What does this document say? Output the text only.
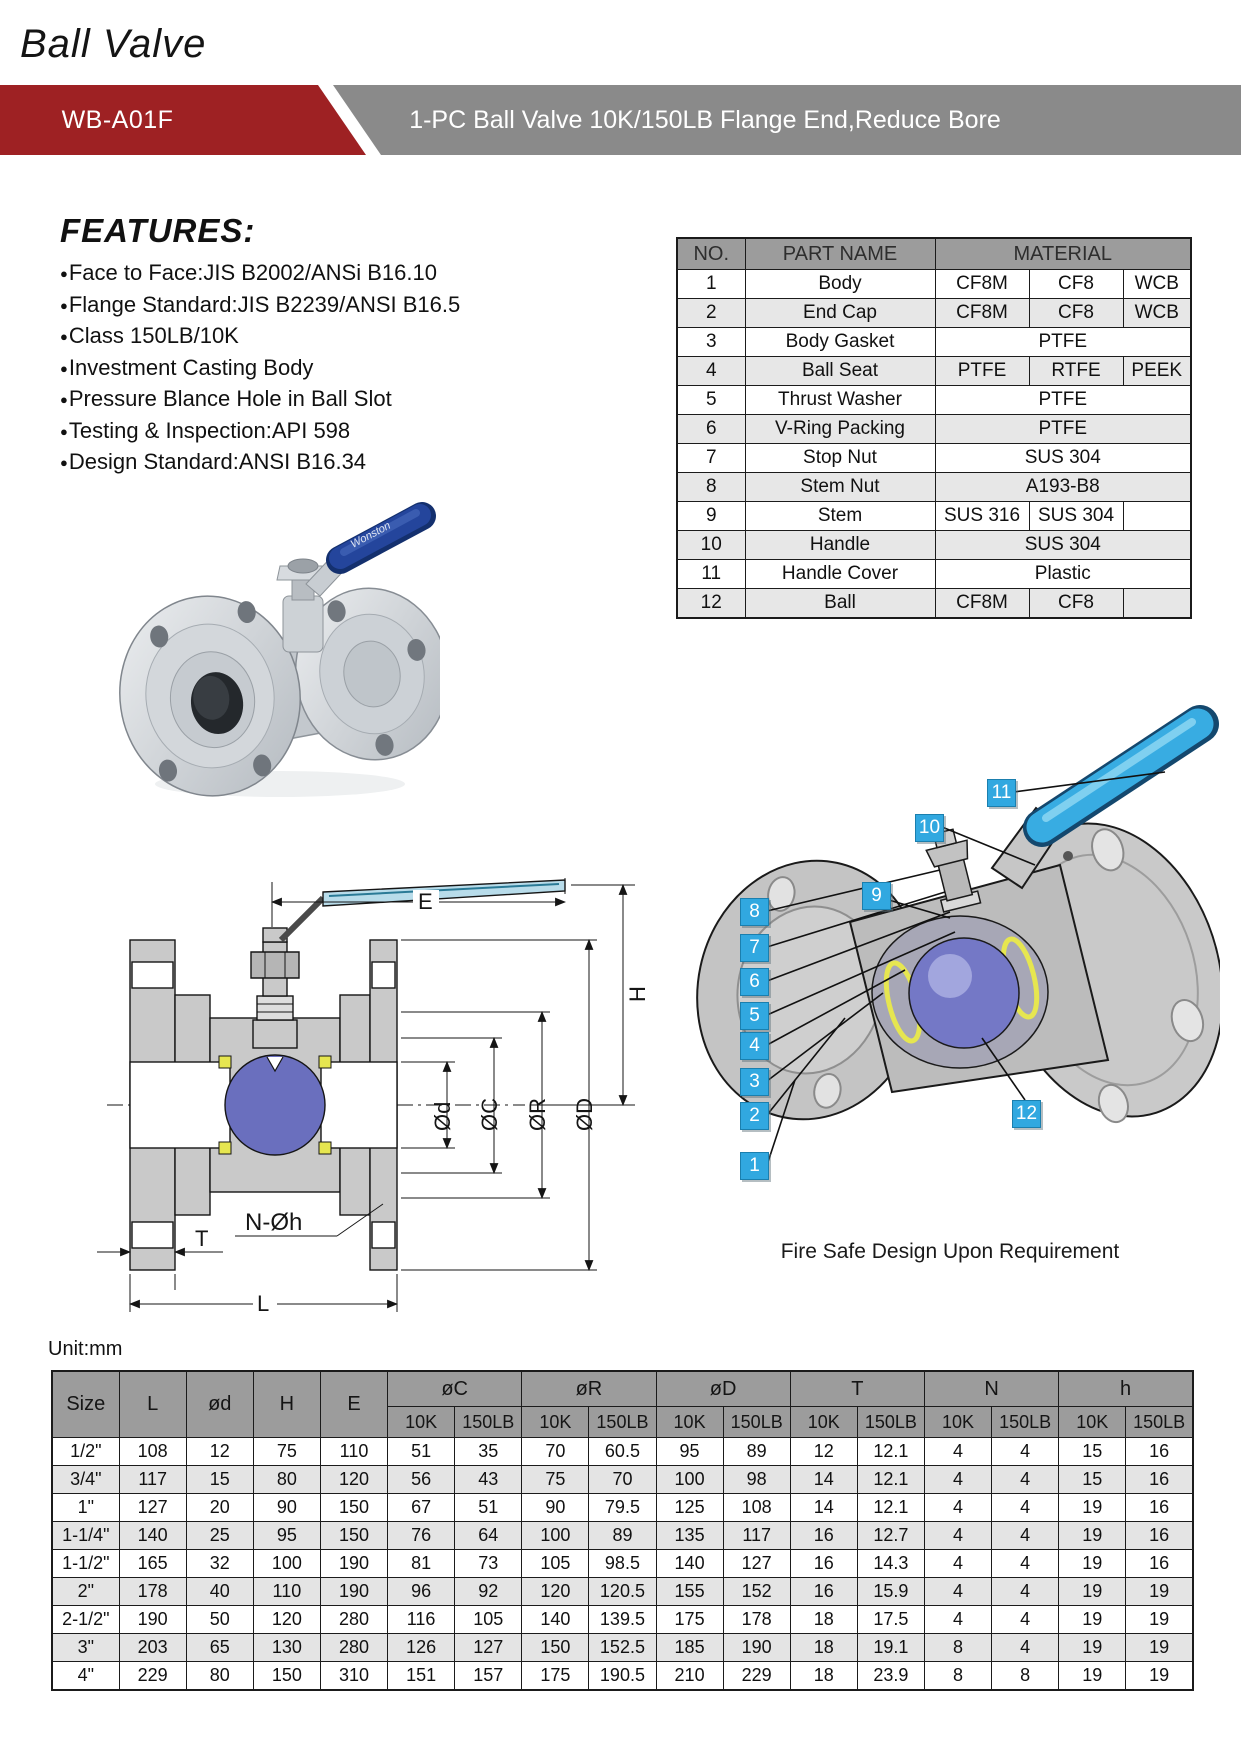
Ball Valve
WB-A01F	1-PC Ball Valve 10K/150LB Flange End,Reduce Bore
FEATURES:
●Face to Face:JIS B2002/ANSi B16.10
●Flange Standard:JIS B2239/ANSI B16.5
●Class 150LB/10K
●Investment Casting Body
●Pressure Blance Hole in Ball Slot
●Testing & Inspection:API 598
●Design Standard:ANSI B16.34
NO.	PART NAME	MATERIAL		
1	Body	CF8M	CF8	WCB
2	End Cap	CF8M	CF8	WCB
3	Body Gasket	PTFE		
4	Ball Seat	PTFE	RTFE	PEEK
5	Thrust Washer	PTFE		
6	V-Ring Packing	PTFE		
7	Stop Nut	SUS 304		
8	Stem Nut	A193-B8		
9	Stem	SUS 316	SUS 304	
10	Handle	SUS 304		
11	Handle Cover	Plastic		
12	Ball	CF8M	CF8	
Wonston
E
H
Ød ØC ØR ØD
N-Øh
T
L
1
2
3
4
5
6
7
8
9
10
11
12
Fire Safe Design Upon Requirement
Unit:mm
Size	L	ød	H	E	øC		øR		øD		T		N		h	
					10K	150LB	10K	150LB	10K	150LB	10K	150LB	10K	150LB	10K	150LB
1/2"	108	12	75	110	51	35	70	60.5	95	89	12	12.1	4	4	15	16
3/4"	117	15	80	120	56	43	75	70	100	98	14	12.1	4	4	15	16
1"	127	20	90	150	67	51	90	79.5	125	108	14	12.1	4	4	19	16
1-1/4"	140	25	95	150	76	64	100	89	135	117	16	12.7	4	4	19	16
1-1/2"	165	32	100	190	81	73	105	98.5	140	127	16	14.3	4	4	19	16
2"	178	40	110	190	96	92	120	120.5	155	152	16	15.9	4	4	19	19
2-1/2"	190	50	120	280	116	105	140	139.5	175	178	18	17.5	4	4	19	19
3"	203	65	130	280	126	127	150	152.5	185	190	18	19.1	8	4	19	19
4"	229	80	150	310	151	157	175	190.5	210	229	18	23.9	8	8	19	19
